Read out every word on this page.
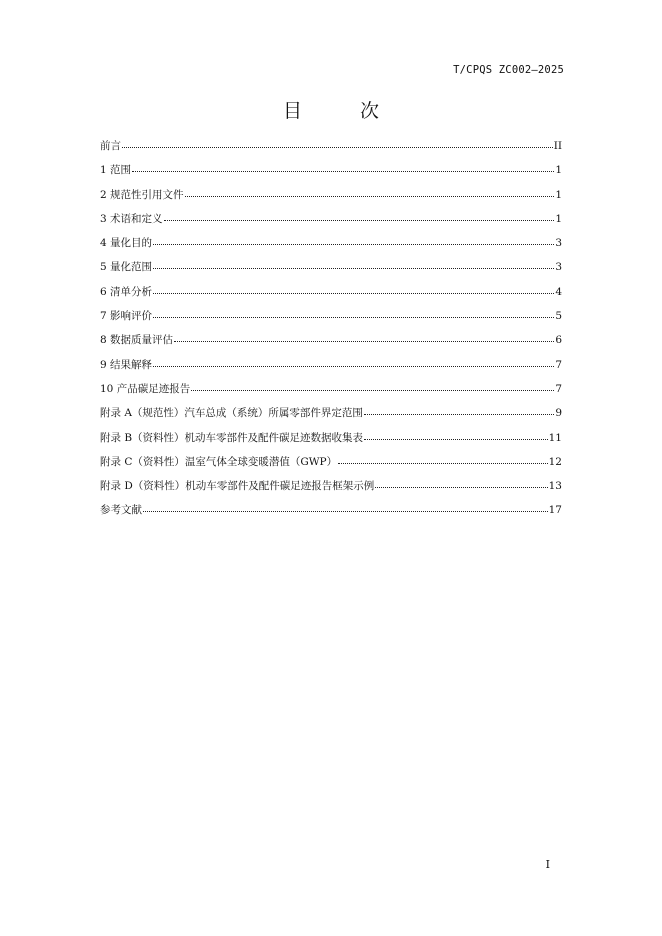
T/CPQS ZC002—2025
目 次
前言	II
1 范围	1
2 规范性引用文件	1
3 术语和定义	1
4 量化目的	3
5 量化范围	3
6 清单分析	4
7 影响评价	5
8 数据质量评估	6
9 结果解释	7
10 产品碳足迹报告	7
附录 A（规范性）汽车总成（系统）所属零部件界定范围	9
附录 B（资料性）机动车零部件及配件碳足迹数据收集表	11
附录 C（资料性）温室气体全球变暖潜值（GWP）	12
附录 D（资料性）机动车零部件及配件碳足迹报告框架示例	13
参考文献	17
I
